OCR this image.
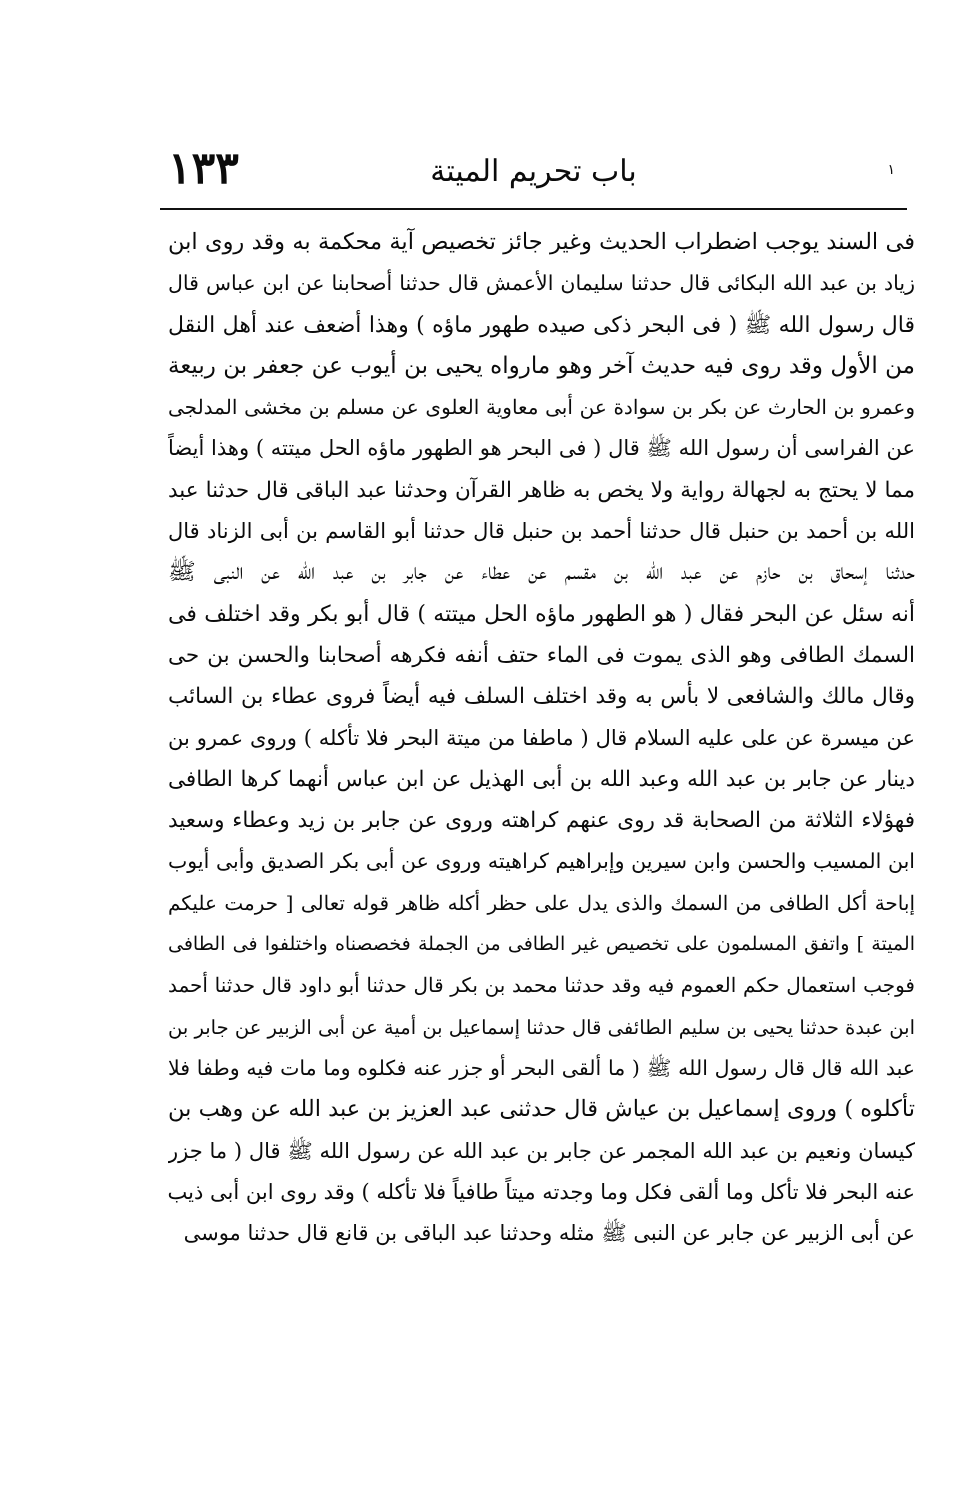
١٣٣	باب تحريم الميتة	١
فى السند يوجب اضطراب الحديث وغير جائز تخصيص آية محكمة به وقد روى ابن
زياد بن عبد الله البكائى قال حدثنا سليمان الأعمش قال حدثنا أصحابنا عن ابن عباس قال
قال رسول الله ﷺ ( فى البحر ذكى صيده طهور ماؤه ) وهذا أضعف عند أهل النقل
من الأول وقد روى فيه حديث آخر وهو مارواه يحيى بن أيوب عن جعفر بن ربيعة
وعمرو بن الحارث عن بكر بن سوادة عن أبى معاوية العلوى عن مسلم بن مخشى المدلجى
عن الفراسى أن رسول الله ﷺ قال ( فى البحر هو الطهور ماؤه الحل ميتته ) وهذا أيضاً
مما لا يحتج به لجهالة رواية ولا يخص به ظاهر القرآن وحدثنا عبد الباقى قال حدثنا عبد
الله بن أحمد بن حنبل قال حدثنا أحمد بن حنبل قال حدثنا أبو القاسم بن أبى الزناد قال
حدثنا إسحاق بن حازم عن عبد الله بن مقسم عن عطاء عن جابر بن عبد الله عن النبى ﷺ
أنه سئل عن البحر فقال ( هو الطهور ماؤه الحل ميتته ) قال أبو بكر وقد اختلف فى
السمك الطافى وهو الذى يموت فى الماء حتف أنفه فكرهه أصحابنا والحسن بن حى
وقال مالك والشافعى لا بأس به وقد اختلف السلف فيه أيضاً فروى عطاء بن السائب
عن ميسرة عن على عليه السلام قال ( ماطفا من ميتة البحر فلا تأكله ) وروى عمرو بن
دينار عن جابر بن عبد الله وعبد الله بن أبى الهذيل عن ابن عباس أنهما كرها الطافى
فهؤلاء الثلاثة من الصحابة قد روى عنهم كراهته وروى عن جابر بن زيد وعطاء وسعيد
ابن المسيب والحسن وابن سيرين وإبراهيم كراهيته وروى عن أبى بكر الصديق وأبى أيوب
إباحة أكل الطافى من السمك والذى يدل على حظر أكله ظاهر قوله تعالى [ حرمت عليكم
الميتة ] واتفق المسلمون على تخصيص غير الطافى من الجملة فخصصناه واختلفوا فى الطافى
فوجب استعمال حكم العموم فيه وقد حدثنا محمد بن بكر قال حدثنا أبو داود قال حدثنا أحمد
ابن عبدة حدثنا يحيى بن سليم الطائفى قال حدثنا إسماعيل بن أمية عن أبى الزبير عن جابر بن
عبد الله قال قال رسول الله ﷺ ( ما ألقى البحر أو جزر عنه فكلوه وما مات فيه وطفا فلا
تأكلوه ) وروى إسماعيل بن عياش قال حدثنى عبد العزيز بن عبد الله عن وهب بن
كيسان ونعيم بن عبد الله المجمر عن جابر بن عبد الله عن رسول الله ﷺ قال ( ما جزر
عنه البحر فلا تأكل وما ألقى فكل وما وجدته ميتاً طافياً فلا تأكله ) وقد روى ابن أبى ذيب
عن أبى الزبير عن جابر عن النبى ﷺ مثله وحدثنا عبد الباقى بن قانع قال حدثنا موسى
